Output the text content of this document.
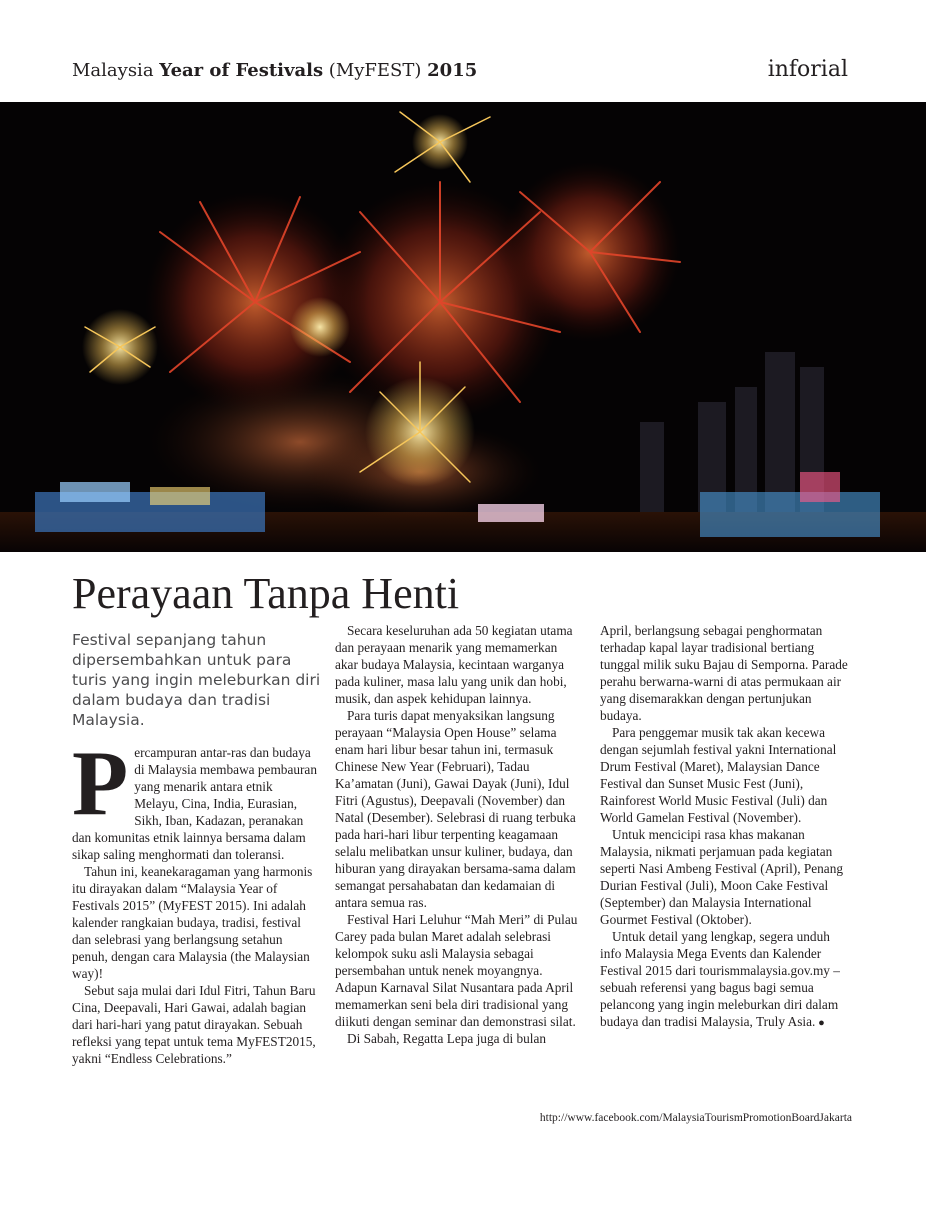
Malaysia Year of Festivals (MyFEST) 2015	inforial
Perayaan Tanpa Henti

Festival sepanjang tahun dipersembahkan untuk para turis yang ingin meleburkan diri dalam budaya dan tradisi Malaysia.

Percampuran antar-ras dan budaya di Malaysia membawa pembauran yang menarik antara etnik Melayu, Cina, India, Eurasian, Sikh, Iban, Kadazan, peranakan dan komunitas etnik lainnya bersama dalam sikap saling menghormati dan toleransi.

Tahun ini, keanekaragaman yang harmonis itu dirayakan dalam “Malaysia Year of Festivals 2015” (MyFEST 2015). Ini adalah kalender rangkaian budaya, tradisi, festival dan selebrasi yang berlangsung setahun penuh, dengan cara Malaysia (the Malaysian way)!

Sebut saja mulai dari Idul Fitri, Tahun Baru Cina, Deepavali, Hari Gawai, adalah bagian dari hari-hari yang patut dirayakan. Sebuah refleksi yang tepat untuk tema MyFEST2015, yakni “Endless Celebrations.”

Secara keseluruhan ada 50 kegiatan utama dan perayaan menarik yang memamerkan akar budaya Malaysia, kecintaan warganya pada kuliner, masa lalu yang unik dan hobi, musik, dan aspek kehidupan lainnya.

Para turis dapat menyaksikan langsung perayaan “Malaysia Open House” selama enam hari libur besar tahun ini, termasuk Chinese New Year (Februari), Tadau Ka’amatan (Juni), Gawai Dayak (Juni), Idul Fitri (Agustus), Deepavali (November) dan Natal (Desember). Selebrasi di ruang terbuka pada hari-hari libur terpenting keagamaan selalu melibatkan unsur kuliner, budaya, dan hiburan yang dirayakan bersama-sama dalam semangat persahabatan dan kedamaian di antara semua ras.

Festival Hari Leluhur “Mah Meri” di Pulau Carey pada bulan Maret adalah selebrasi kelompok suku asli Malaysia sebagai persembahan untuk nenek moyangnya. Adapun Karnaval Silat Nusantara pada April memamerkan seni bela diri tradisional yang diikuti dengan seminar dan demonstrasi silat.

Di Sabah, Regatta Lepa juga di bulan

April, berlangsung sebagai penghormatan terhadap kapal layar tradisional bertiang tunggal milik suku Bajau di Semporna. Parade perahu berwarna-warni di atas permukaan air yang disemarakkan dengan pertunjukan budaya.

Para penggemar musik tak akan kecewa dengan sejumlah festival yakni International Drum Festival (Maret), Malaysian Dance Festival dan Sunset Music Fest (Juni), Rainforest World Music Festival (Juli) dan World Gamelan Festival (November).

Untuk mencicipi rasa khas makanan Malaysia, nikmati perjamuan pada kegiatan seperti Nasi Ambeng Festival (April), Penang Durian Festival (Juli), Moon Cake Festival (September) dan Malaysia International Gourmet Festival (Oktober).

Untuk detail yang lengkap, segera unduh info Malaysia Mega Events dan Kalender Festival 2015 dari tourismmalaysia.gov.my – sebuah referensi yang bagus bagi semua pelancong yang ingin meleburkan diri dalam budaya dan tradisi Malaysia, Truly Asia. ●

http://www.facebook.com/MalaysiaTourismPromotionBoardJakarta
